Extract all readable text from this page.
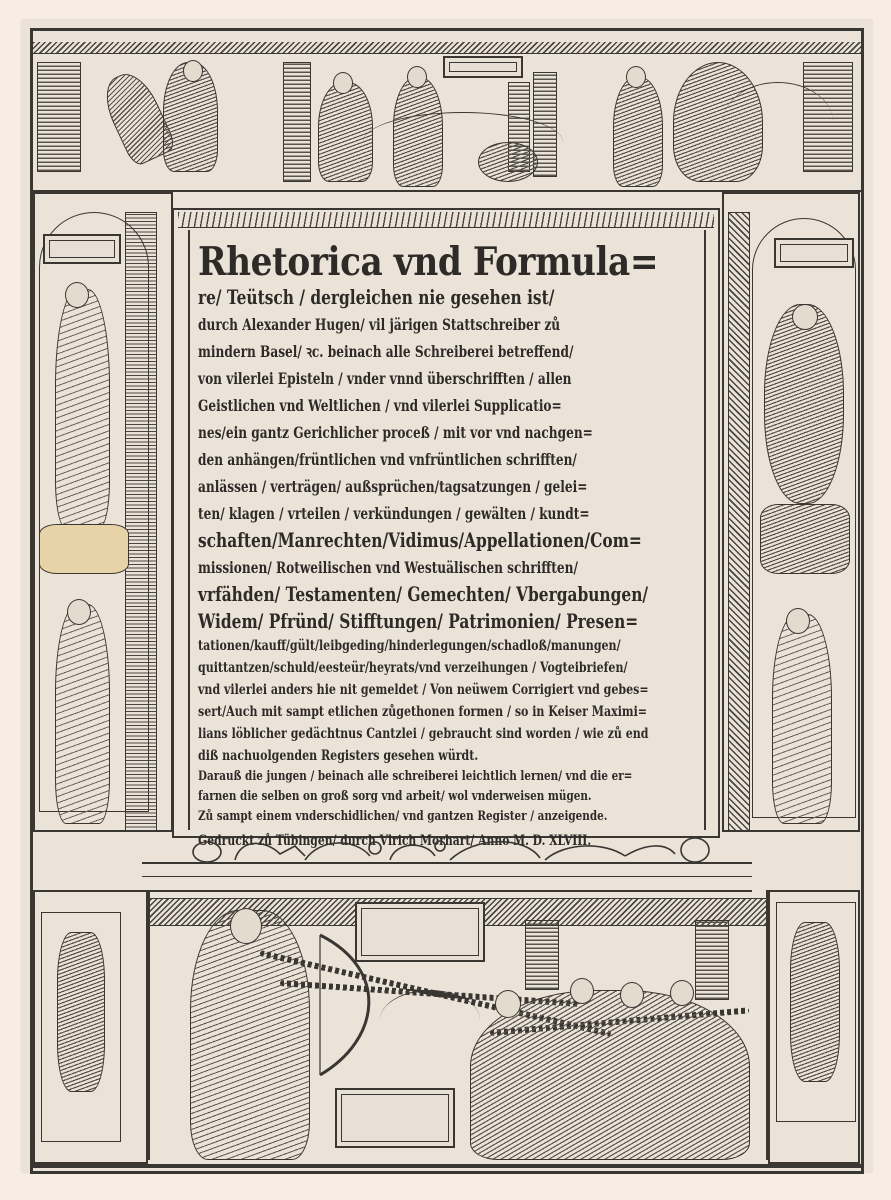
Rhetorica vnd Formula=
re/ Teütsch / dergleichen nie gesehen ist/
durch Alexander Hugen/ vil järigen Stattschreiber zů
mindern Basel/ ꝛc. beinach alle Schreiberei betreffend/
von vilerlei Episteln / vnder vnnd überschrifften / allen
Geistlichen vnd Weltlichen / vnd vilerlei Supplicatio=
nes/ein gantz Gerichlicher proceß / mit vor vnd nachgen=
den anhängen/früntlichen vnd vnfrüntlichen schrifften/
anlässen / verträgen/ außsprüchen/tagsatzungen / gelei=
ten/ klagen / vrteilen / verkündungen / gewälten / kundt=
schaften/Manrechten/Vidimus/Appellationen/Com=
missionen/ Rotweilischen vnd Westuälischen schrifften/
vrfähden/ Testamenten/ Gemechten/ Vbergabungen/
Widem/ Pfründ/ Stifftungen/ Patrimonien/ Presen=
tationen/kauff/gült/leibgeding/hinderlegungen/schadloß/manungen/
quittantzen/schuld/eesteür/heyrats/vnd verzeihungen / Vogteibriefen/
vnd vilerlei anders hie nit gemeldet / Von neüwem Corrigiert vnd gebes=
sert/Auch mit sampt etlichen zůgethonen formen / so in Keiser Maximi=
lians löblicher gedächtnus Cantzlei / gebraucht sind worden / wie zů end
diß nachuolgenden Registers gesehen würdt.
Darauß die jungen / beinach alle schreiberei leichtlich lernen/ vnd die er=
farnen die selben on groß sorg vnd arbeit/ wol vnderweisen mügen.
Zů sampt einem vnderschidlichen/ vnd gantzen Register / anzeigende.
Gedruckt zů Tübingen/ durch Vlrich Morhart/ Anno M. D. XLVIII.
